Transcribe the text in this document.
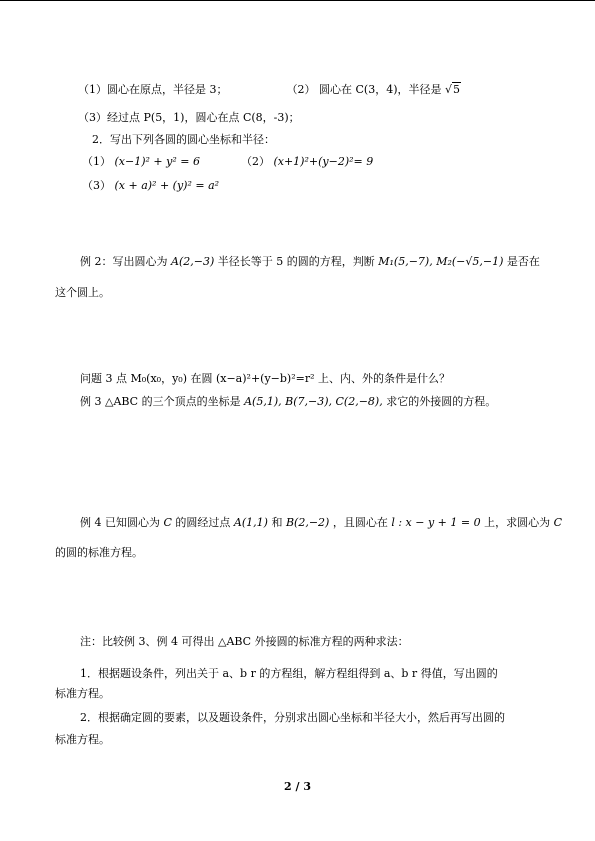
（1）圆心在原点，半径是 3；	（2） 圆心在 C(3，4)，半径是 √5
（3）经过点 P(5，1)，圆心在点 C(8，-3)；
2．写出下列各圆的圆心坐标和半径：
（1） (x−1)² + y² = 6	（2） (x+1)²+(y−2)²= 9
（3） (x + a)² + (y)² = a²
例 2：写出圆心为 A(2,−3) 半径长等于 5 的圆的方程，判断 M₁(5,−7), M₂(−√5,−1) 是否在
这个圆上。
问题 3 点 M₀(x₀，y₀) 在圆 (x−a)²+(y−b)²=r² 上、内、外的条件是什么？
例 3 △ABC 的三个顶点的坐标是 A(5,1), B(7,−3), C(2,−8), 求它的外接圆的方程。
例 4 已知圆心为 C 的圆经过点 A(1,1) 和 B(2,−2) ，且圆心在 l : x − y + 1 = 0 上，求圆心为 C
的圆的标准方程。
注：比较例 3、例 4 可得出 △ABC 外接圆的标准方程的两种求法：
1．根据题设条件，列出关于 a、b r 的方程组，解方程组得到 a、b r 得值，写出圆的
标准方程。
2．根据确定圆的要素，以及题设条件，分别求出圆心坐标和半径大小，然后再写出圆的
标准方程。
2 / 3
